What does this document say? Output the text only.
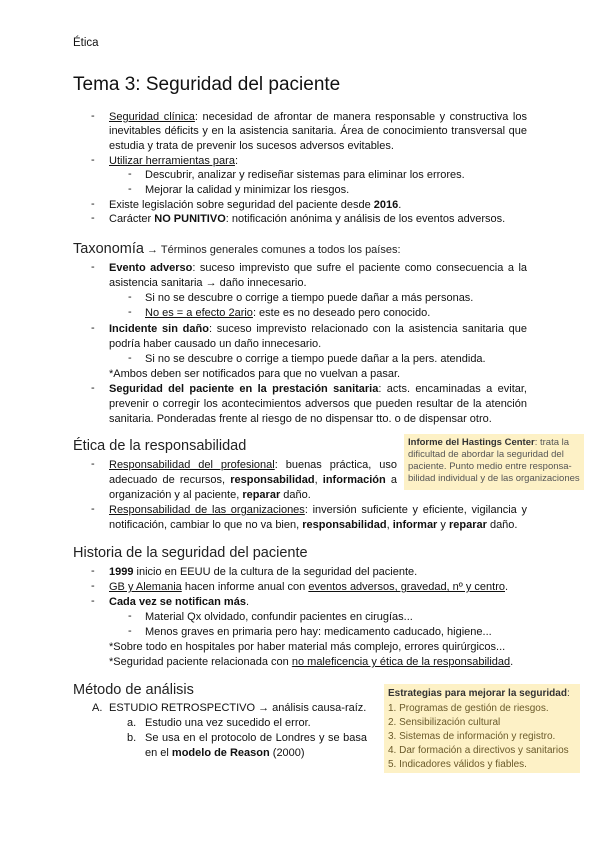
Ética
Tema 3: Seguridad del paciente
- Seguridad clínica: necesidad de afrontar de manera responsable y constructiva los
inevitables déficits y en la asistencia sanitaria. Área de conocimiento transversal que
estudia y trata de prevenir los sucesos adversos evitables.
- Utilizar herramientas para:
- Descubrir, analizar y rediseñar sistemas para eliminar los errores.
- Mejorar la calidad y minimizar los riesgos.
- Existe legislación sobre seguridad del paciente desde 2016.
- Carácter NO PUNITIVO: notificación anónima y análisis de los eventos adversos.
Taxonomía → Términos generales comunes a todos los países:
- Evento adverso: suceso imprevisto que sufre el paciente como consecuencia a la
asistencia sanitaria → daño innecesario.
- Si no se descubre o corrige a tiempo puede dañar a más personas.
- No es = a efecto 2ario: este es no deseado pero conocido.
- Incidente sin daño: suceso imprevisto relacionado con la asistencia sanitaria que
podría haber causado un daño innecesario.
- Si no se descubre o corrige a tiempo puede dañar a la pers. atendida.
*Ambos deben ser notificados para que no vuelvan a pasar.
- Seguridad del paciente en la prestación sanitaria: acts. encaminadas a evitar,
prevenir o corregir los acontecimientos adversos que pueden resultar de la atención
sanitaria. Ponderadas frente al riesgo de no dispensar tto. o de dispensar otro.
Ética de la responsabilidad
- Responsabilidad del profesional: buenas práctica, uso
adecuado de recursos, responsabilidad, información a
organización y al paciente, reparar daño.
- Responsabilidad de las organizaciones: inversión suficiente y eficiente, vigilancia y
notificación, cambiar lo que no va bien, responsabilidad, informar y reparar daño.
Informe del Hastings Center: trata la
dificultad de abordar la seguridad del
paciente. Punto medio entre responsa-
bilidad individual y de las organizaciones
Historia de la seguridad del paciente
- 1999 inicio en EEUU de la cultura de la seguridad del paciente.
- GB y Alemania hacen informe anual con eventos adversos, gravedad, nº y centro.
- Cada vez se notifican más.
- Material Qx olvidado, confundir pacientes en cirugías...
- Menos graves en primaria pero hay: medicamento caducado, higiene...
*Sobre todo en hospitales por haber material más complejo, errores quirúrgicos...
*Seguridad paciente relacionada con no maleficencia y ética de la responsabilidad.
Método de análisis
A. ESTUDIO RETROSPECTIVO → análisis causa-raíz.
a. Estudio una vez sucedido el error.
b. Se usa en el protocolo de Londres y se basa
en el modelo de Reason (2000)
Estrategias para mejorar la seguridad:
1. Programas de gestión de riesgos.
2. Sensibilización cultural
3. Sistemas de información y registro.
4. Dar formación a directivos y sanitarios
5. Indicadores válidos y fiables.
